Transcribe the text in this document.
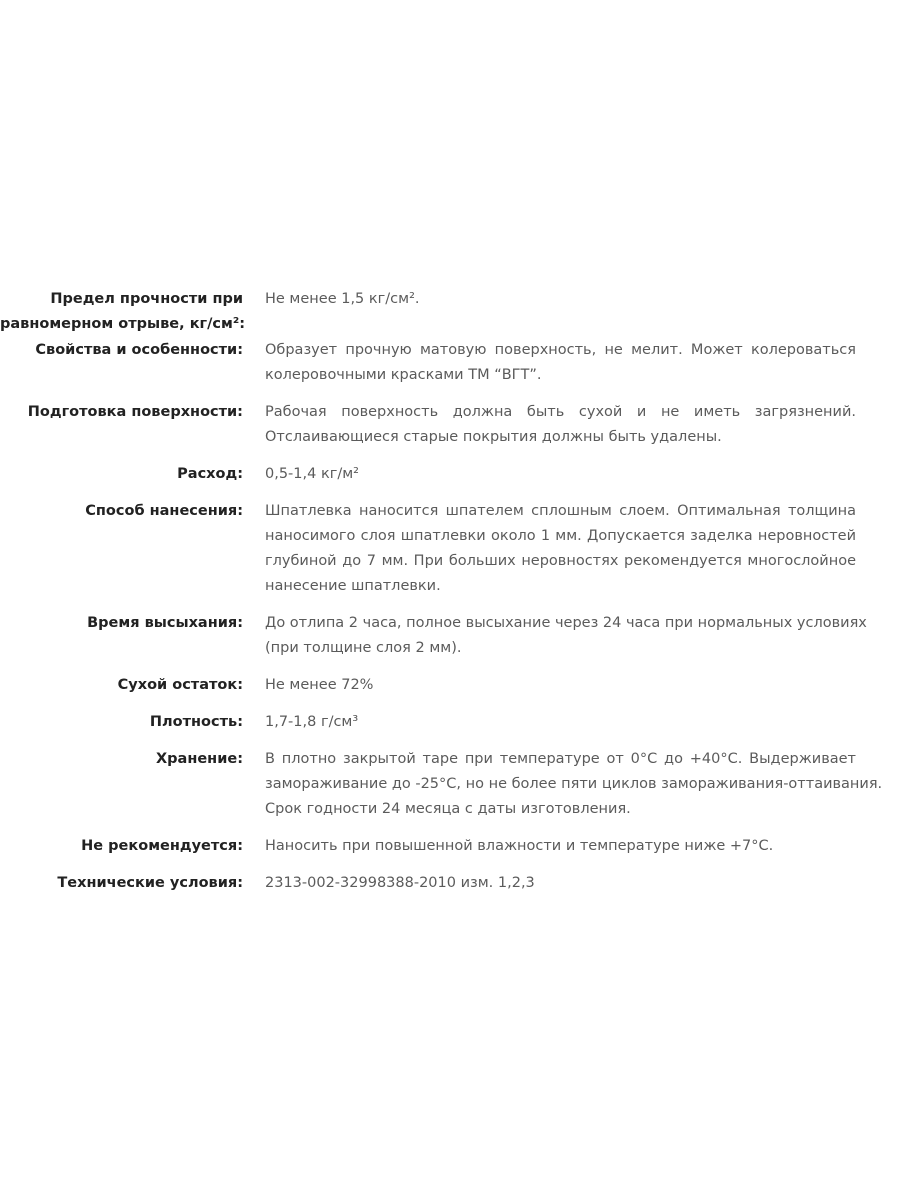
Предел прочности при
равномерном отрыве, кг/см²:
Не менее 1,5 кг/см².
Свойства и особенности: Образует прочную матовую поверхность, не мелит. Может колероваться
колеровочными красками ТМ “ВГТ”.
Подготовка поверхности: Рабочая поверхность должна быть сухой и не иметь загрязнений.
Отслаивающиеся старые покрытия должны быть удалены.
Расход: 0,5-1,4 кг/м²
Способ нанесения: Шпатлевка наносится шпателем сплошным слоем. Оптимальная толщина
наносимого слоя шпатлевки около 1 мм. Допускается заделка неровностей
глубиной до 7 мм. При больших неровностях рекомендуется многослойное
нанесение шпатлевки.
Время высыхания: До отлипа 2 часа, полное высыхание через 24 часа при нормальных условиях
(при толщине слоя 2 мм).
Сухой остаток: Не менее 72%
Плотность: 1,7-1,8 г/см³
Хранение: В плотно закрытой таре при температуре от 0°С до +40°С. Выдерживает
замораживание до -25°С, но не более пяти циклов замораживания-оттаивания.
Срок годности 24 месяца с даты изготовления.
Не рекомендуется: Наносить при повышенной влажности и температуре ниже +7°С.
Технические условия: 2313-002-32998388-2010 изм. 1,2,3
